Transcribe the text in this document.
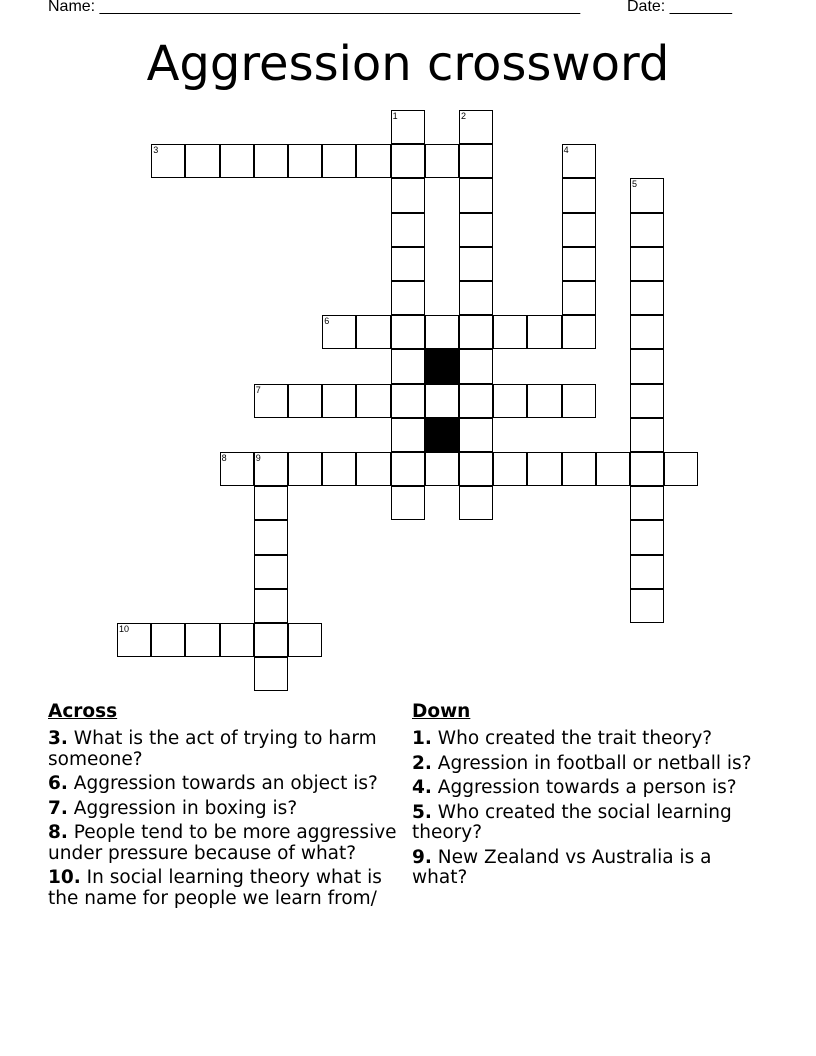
Name: ______________________________________________________	Date: _______
Aggression crossword
3
6
7
8	9
10
1	2
4
5
Across
3. What is the act of trying to harm someone?
6. Aggression towards an object is?
7. Aggression in boxing is?
8. People tend to be more aggressive under pressure because of what?
10. In social learning theory what is the name for people we learn from/
Down
1. Who created the trait theory?
2. Agression in football or netball is?
4. Aggression towards a person is?
5. Who created the social learning theory?
9. New Zealand vs Australia is a what?
